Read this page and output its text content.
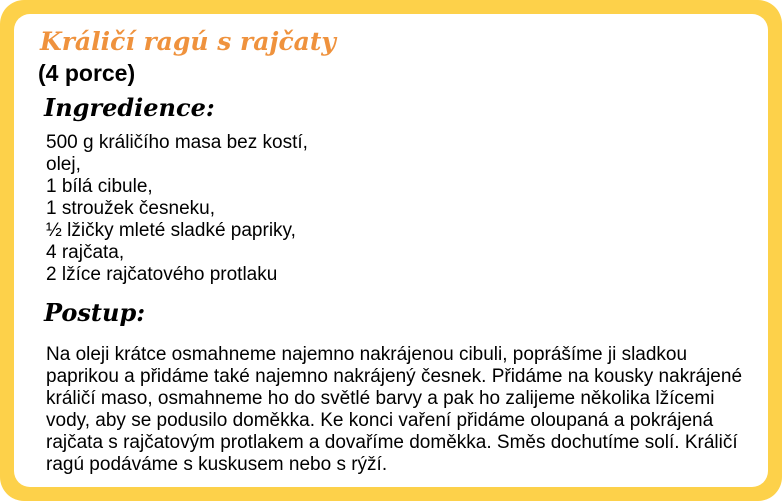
Králičí ragú s rajčaty

(4 porce)

Ingredience:
500 g králičího masa bez kostí,
olej,
1 bílá cibule,
1 stroužek česneku,
½ lžičky mleté sladké papriky,
4 rajčata,
2 lžíce rajčatového protlaku
Postup:

Na oleji krátce osmahneme najemno nakrájenou cibuli, poprášíme ji sladkou paprikou a přidáme také najemno nakrájený česnek. Přidáme na kousky nakrájené králičí maso, osmahneme ho do světlé barvy a pak ho zalijeme několika lžícemi vody, aby se podusilo doměkka. Ke konci vaření přidáme oloupaná a pokrájená rajčata s rajčatovým protlakem a dovaříme doměkka. Směs dochutíme solí. Králičí ragú podáváme s kuskusem nebo s rýží.
